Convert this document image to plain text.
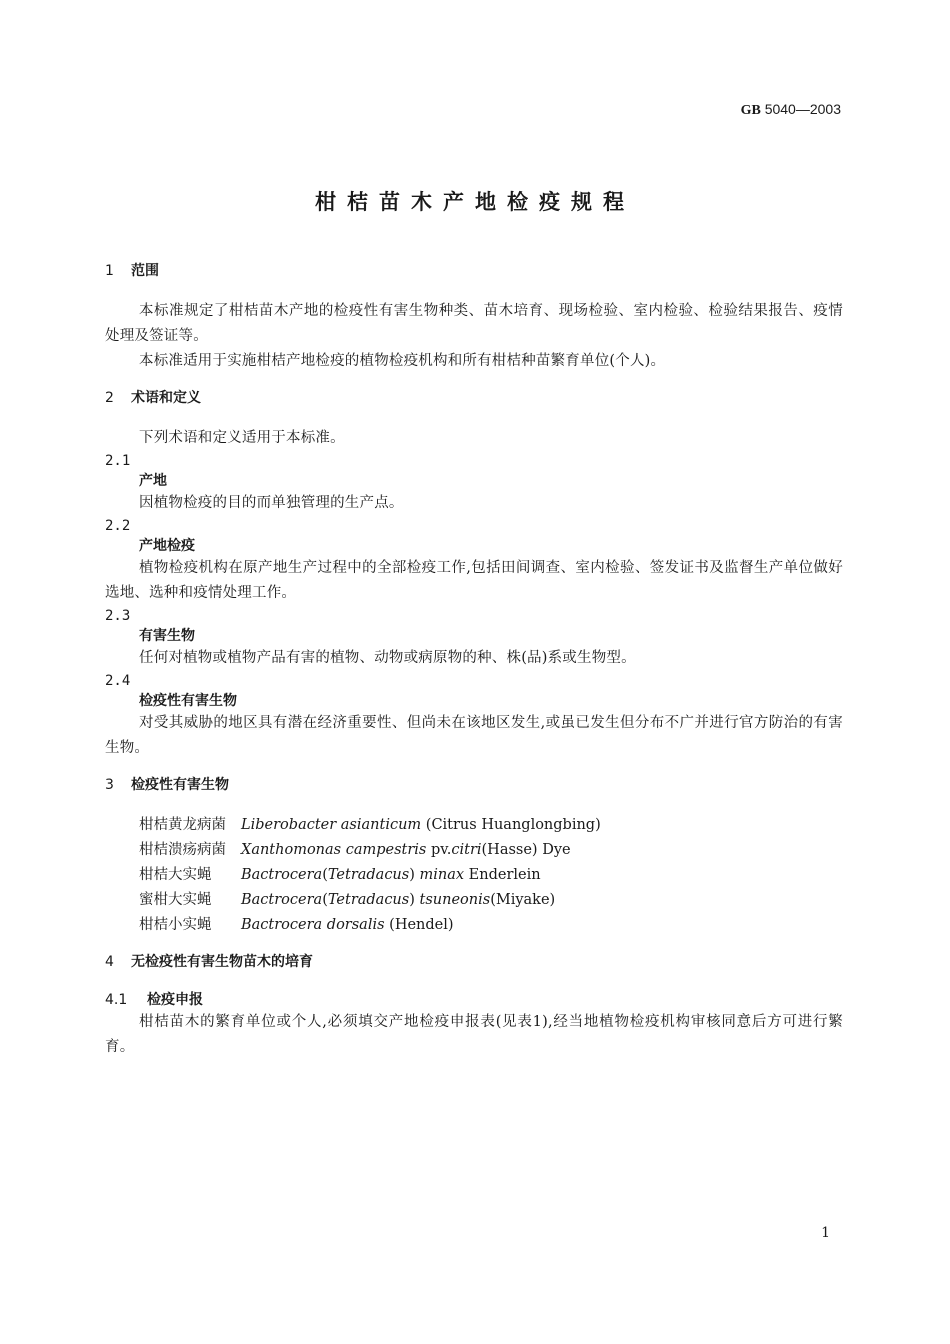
GB 5040—2003
柑桔苗木产地检疫规程
1 范围

本标准规定了柑桔苗木产地的检疫性有害生物种类、苗木培育、现场检验、室内检验、检验结果报告、疫情处理及签证等。

本标准适用于实施柑桔产地检疫的植物检疫机构和所有柑桔种苗繁育单位(个人)。

2 术语和定义

下列术语和定义适用于本标准。

2.1
产地

因植物检疫的目的而单独管理的生产点。

2.2
产地检疫

植物检疫机构在原产地生产过程中的全部检疫工作,包括田间调查、室内检验、签发证书及监督生产单位做好选地、选种和疫情处理工作。

2.3
有害生物

任何对植物或植物产品有害的植物、动物或病原物的种、株(品)系或生物型。

2.4
检疫性有害生物

对受其威胁的地区具有潜在经济重要性、但尚未在该地区发生,或虽已发生但分布不广并进行官方防治的有害生物。

3 检疫性有害生物
柑桔黄龙病菌 Liberobacter asianticum (Citrus Huanglongbing)
柑桔溃疡病菌 Xanthomonas campestris pv.citri(Hasse) Dye
柑桔大实蝇 Bactrocera(Tetradacus) minax Enderlein
蜜柑大实蝇 Bactrocera(Tetradacus) tsuneonis(Miyake)
柑桔小实蝇 Bactrocera dorsalis (Hendel)
4 无检疫性有害生物苗木的培育
4.1 检疫申报

柑桔苗木的繁育单位或个人,必须填交产地检疫申报表(见表1),经当地植物检疫机构审核同意后方可进行繁育。

1
